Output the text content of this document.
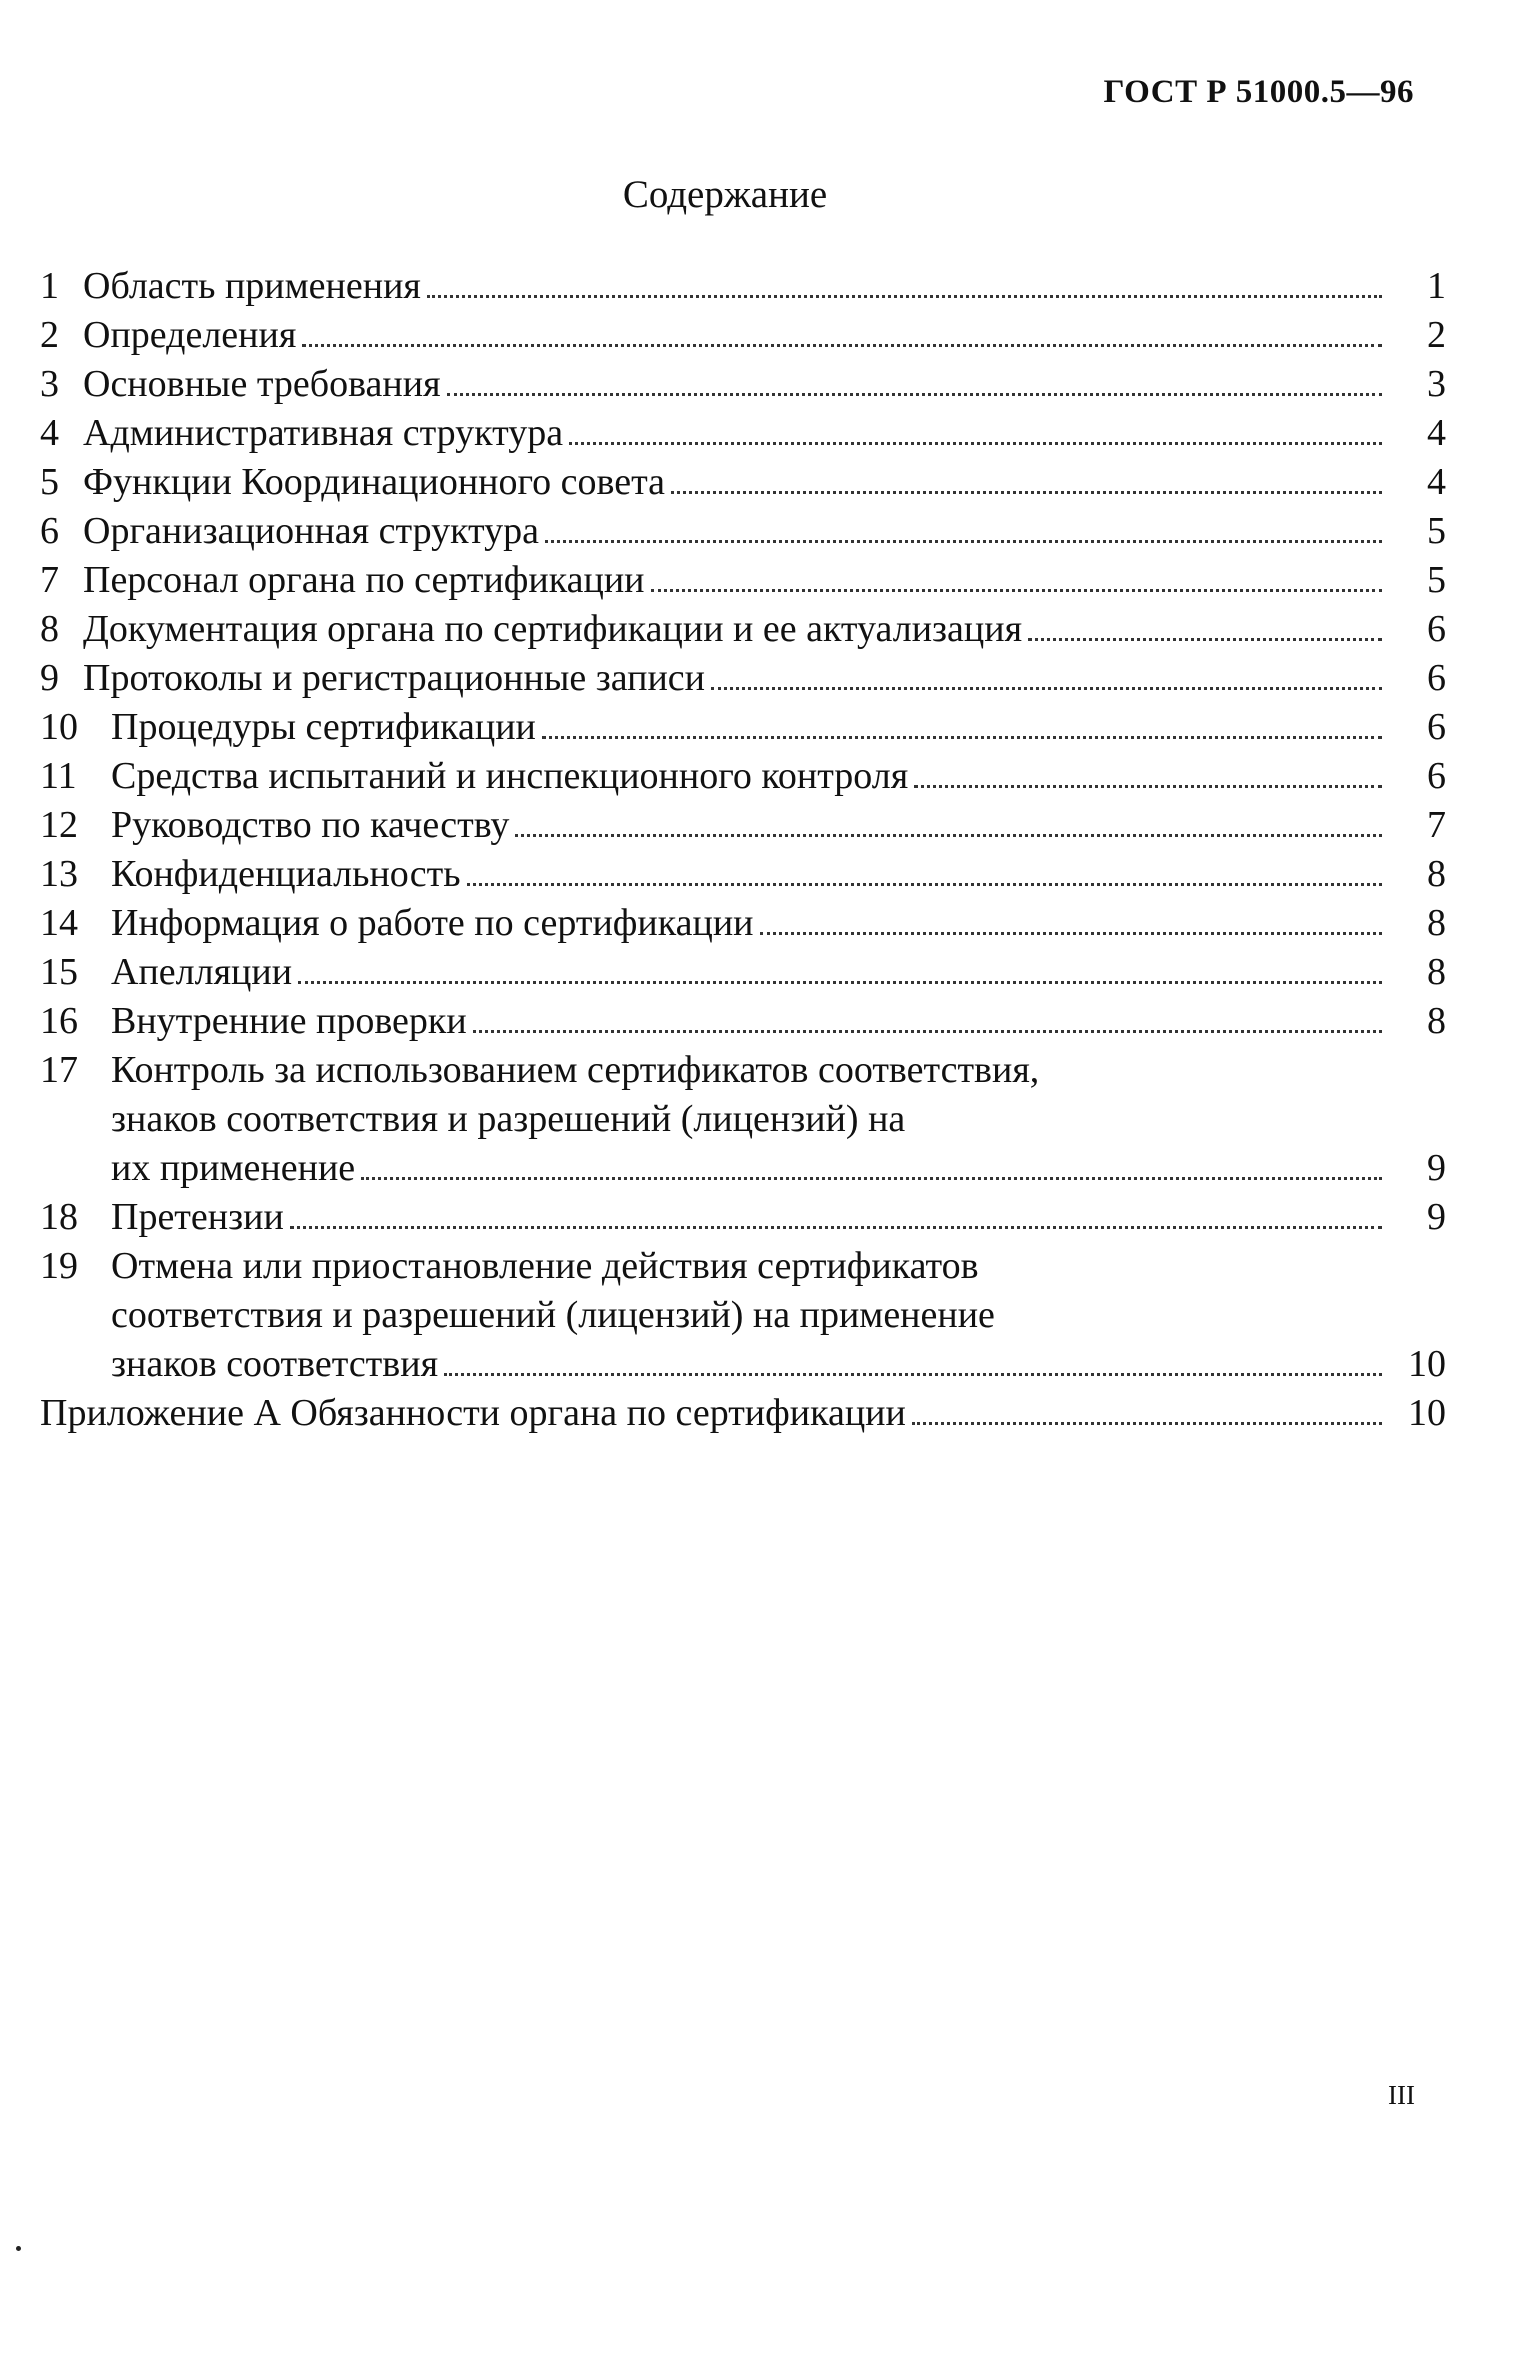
ГОСТ Р 51000.5—96
Содержание
1 Область применения	1
2 Определения	2
3 Основные требования	3
4 Административная структура	4
5 Функции Координационного совета	4
6 Организационная структура	5
7 Персонал органа по сертификации	5
8 Документация органа по сертификации и ее актуализация	6
9 Протоколы и регистрационные записи	6
10 Процедуры сертификации	6
11 Средства испытаний и инспекционного контроля	6
12 Руководство по качеству	7
13 Конфиденциальность	8
14 Информация о работе по сертификации	8
15 Апелляции	8
16 Внутренние проверки	8
17 Контроль за использованием сертификатов соответствия,
знаков соответствия и разрешений (лицензий) на
их применение	9
18 Претензии	9
19 Отмена или приостановление действия сертификатов
соответствия и разрешений (лицензий) на применение
знаков соответствия	10
Приложение А Обязанности органа по сертификации	10
III
